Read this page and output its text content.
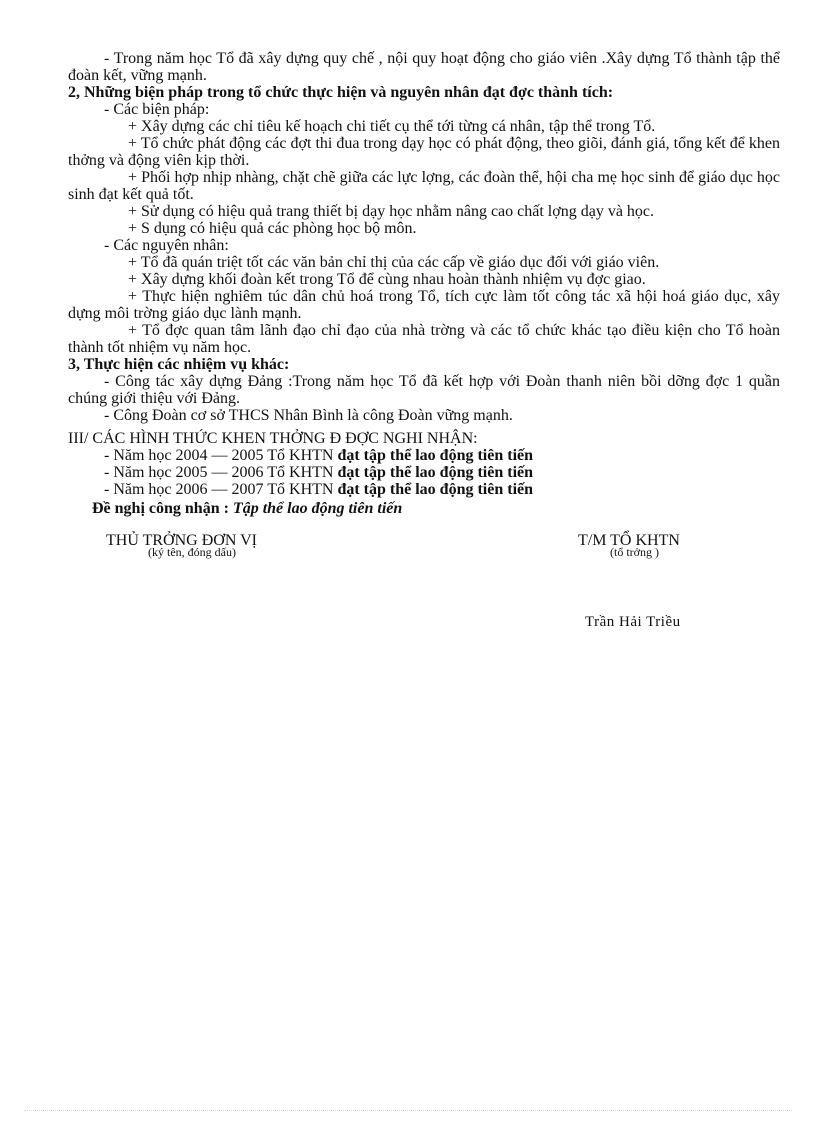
- Trong năm học Tổ đã xây dựng quy chế , nội quy hoạt động cho giáo viên .Xây dựng Tổ thành tập thể đoàn kết, vững mạnh.

2, Những biện pháp trong tổ chức thực hiện và nguyên nhân đạt đợc thành tích:

- Các biện pháp:

+ Xây dựng các chỉ tiêu kế hoạch chi tiết cụ thể tới từng cá nhân, tập thể trong Tổ.

+ Tổ chức phát động các đợt thi đua trong dạy học có phát động, theo giõi, đánh giá, tổng kết để khen thởng và động viên kịp thời.

+ Phối hợp nhịp nhàng, chặt chẽ giữa các lực lợng, các đoàn thể, hội cha mẹ học sinh để giáo dục học sinh đạt kết quả tốt.

+ Sử dụng có hiệu quả trang thiết bị dạy học nhằm nâng cao chất lợng dạy và học.

+ S dụng có hiệu quả các phòng học bộ môn.

- Các nguyên nhân:

+ Tổ đã quán triệt tốt các văn bản chỉ thị của các cấp về giáo dục đối với giáo viên.

+ Xây dựng khối đoàn kết trong Tổ để cùng nhau hoàn thành nhiệm vụ đợc giao.

+ Thực hiện nghiêm túc dân chủ hoá trong Tổ, tích cực làm tốt công tác xã hội hoá giáo dục, xây dựng môi trờng giáo dục lành mạnh.

+ Tổ đợc quan tâm lãnh đạo chỉ đạo của nhà trờng và các tổ chức khác tạo điều kiện cho Tổ hoàn thành tốt nhiệm vụ năm học.

3, Thực hiện các nhiệm vụ khác:

- Công tác xây dựng Đảng :Trong năm học Tổ đã kết hợp với Đoàn thanh niên bồi dỡng đợc 1 quần chúng giới thiệu với Đảng.

- Công Đoàn cơ sở THCS Nhân Bình là công Đoàn vững mạnh.

III/ CÁC HÌNH THỨC KHEN THỞNG Đ ĐỢC NGHI NHẬN:

- Năm học 2004 — 2005 Tổ KHTN đạt tập thể lao động tiên tiến

- Năm học 2005 — 2006 Tổ KHTN đạt tập thể lao động tiên tiến

- Năm học 2006 — 2007 Tổ KHTN đạt tập thể lao động tiên tiến

Đề nghị công nhận : Tập thể lao động tiên tiến

THỦ TRỞNG ĐƠN VỊ
(ký tên, đóng dấu)
T/M TỔ KHTN
(tổ trởng )
Trần Hải Triều
